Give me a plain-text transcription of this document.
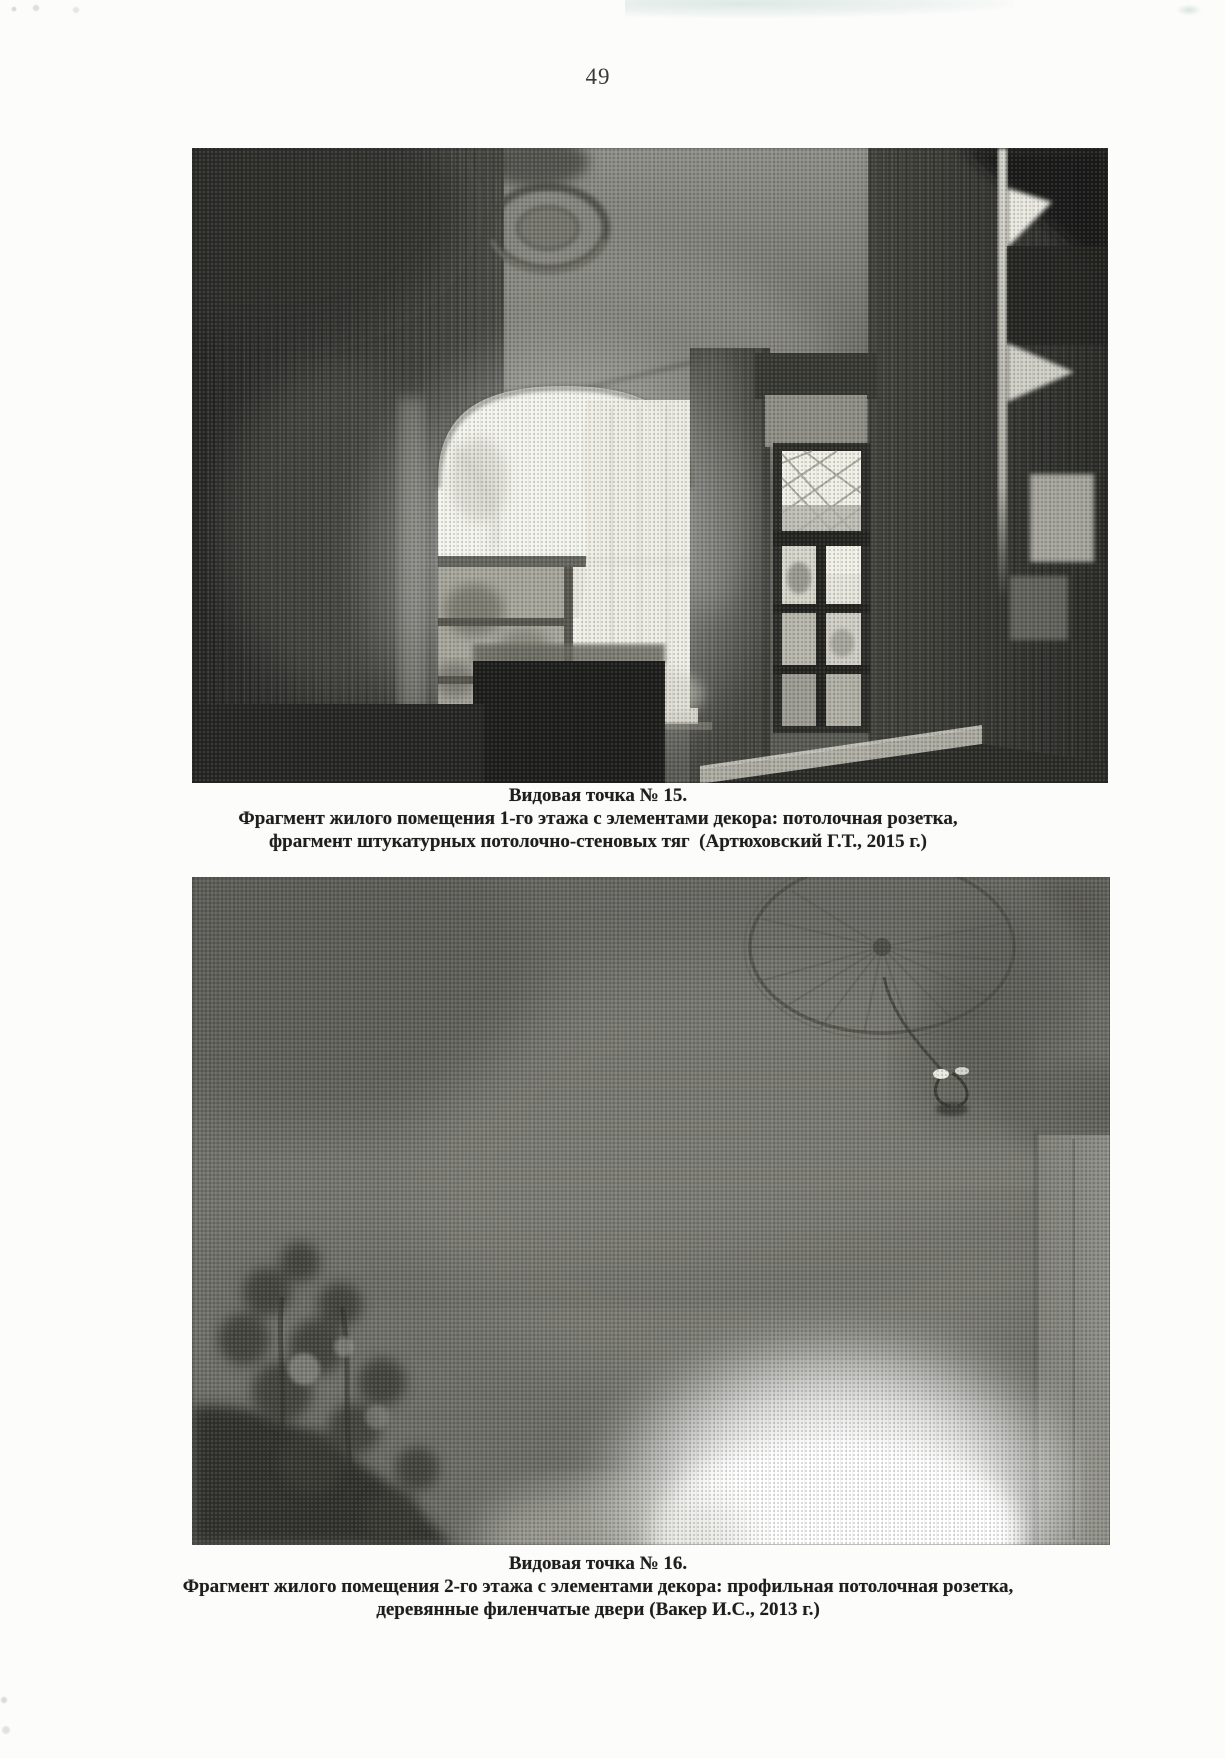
49
Видовая точка № 15.
Фрагмент жилого помещения 1-го этажа с элементами декора: потолочная розетка,
фрагмент штукатурных потолочно-стеновых тяг  (Артюховский Г.Т., 2015 г.)
Видовая точка № 16.
Фрагмент жилого помещения 2-го этажа с элементами декора: профильная потолочная розетка,
деревянные филенчатые двери (Вакер И.С., 2013 г.)
